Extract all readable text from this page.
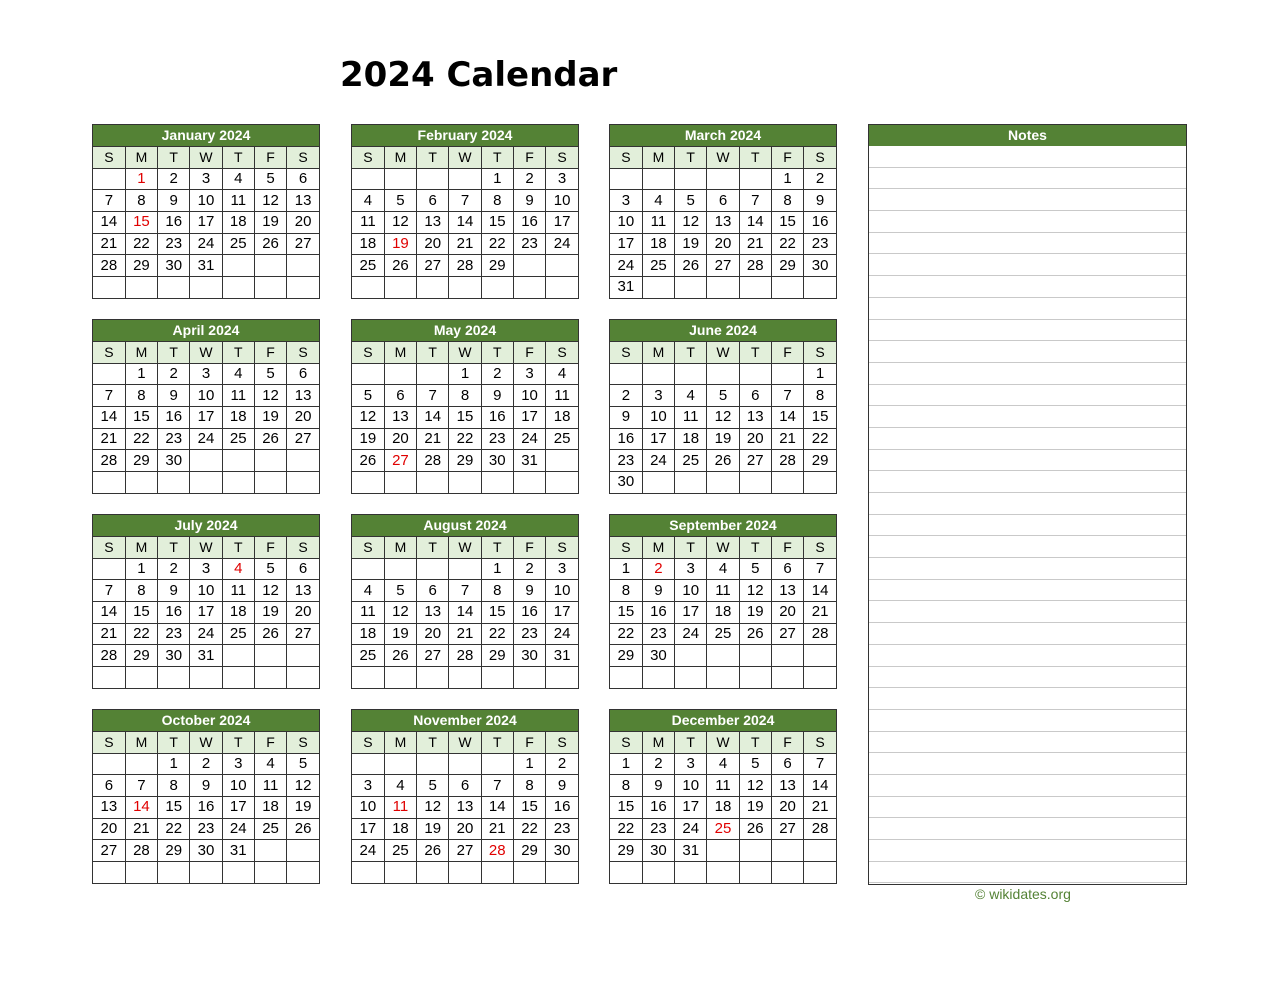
2024 Calendar
January 2024
S	M	T	W	T	F	S
	1	2	3	4	5	6
7	8	9	10	11	12	13
14	15	16	17	18	19	20
21	22	23	24	25	26	27
28	29	30	31			

February 2024
S	M	T	W	T	F	S
				1	2	3
4	5	6	7	8	9	10
11	12	13	14	15	16	17
18	19	20	21	22	23	24
25	26	27	28	29		

March 2024
S	M	T	W	T	F	S
					1	2
3	4	5	6	7	8	9
10	11	12	13	14	15	16
17	18	19	20	21	22	23
24	25	26	27	28	29	30
31						
April 2024
S	M	T	W	T	F	S
	1	2	3	4	5	6
7	8	9	10	11	12	13
14	15	16	17	18	19	20
21	22	23	24	25	26	27
28	29	30				

May 2024
S	M	T	W	T	F	S
			1	2	3	4
5	6	7	8	9	10	11
12	13	14	15	16	17	18
19	20	21	22	23	24	25
26	27	28	29	30	31	

June 2024
S	M	T	W	T	F	S
						1
2	3	4	5	6	7	8
9	10	11	12	13	14	15
16	17	18	19	20	21	22
23	24	25	26	27	28	29
30						
July 2024
S	M	T	W	T	F	S
	1	2	3	4	5	6
7	8	9	10	11	12	13
14	15	16	17	18	19	20
21	22	23	24	25	26	27
28	29	30	31			

August 2024
S	M	T	W	T	F	S
				1	2	3
4	5	6	7	8	9	10
11	12	13	14	15	16	17
18	19	20	21	22	23	24
25	26	27	28	29	30	31

September 2024
S	M	T	W	T	F	S
1	2	3	4	5	6	7
8	9	10	11	12	13	14
15	16	17	18	19	20	21
22	23	24	25	26	27	28
29	30					

October 2024
S	M	T	W	T	F	S
		1	2	3	4	5
6	7	8	9	10	11	12
13	14	15	16	17	18	19
20	21	22	23	24	25	26
27	28	29	30	31		

November 2024
S	M	T	W	T	F	S
					1	2
3	4	5	6	7	8	9
10	11	12	13	14	15	16
17	18	19	20	21	22	23
24	25	26	27	28	29	30

December 2024
S	M	T	W	T	F	S
1	2	3	4	5	6	7
8	9	10	11	12	13	14
15	16	17	18	19	20	21
22	23	24	25	26	27	28
29	30	31				

Notes
© wikidates.org
